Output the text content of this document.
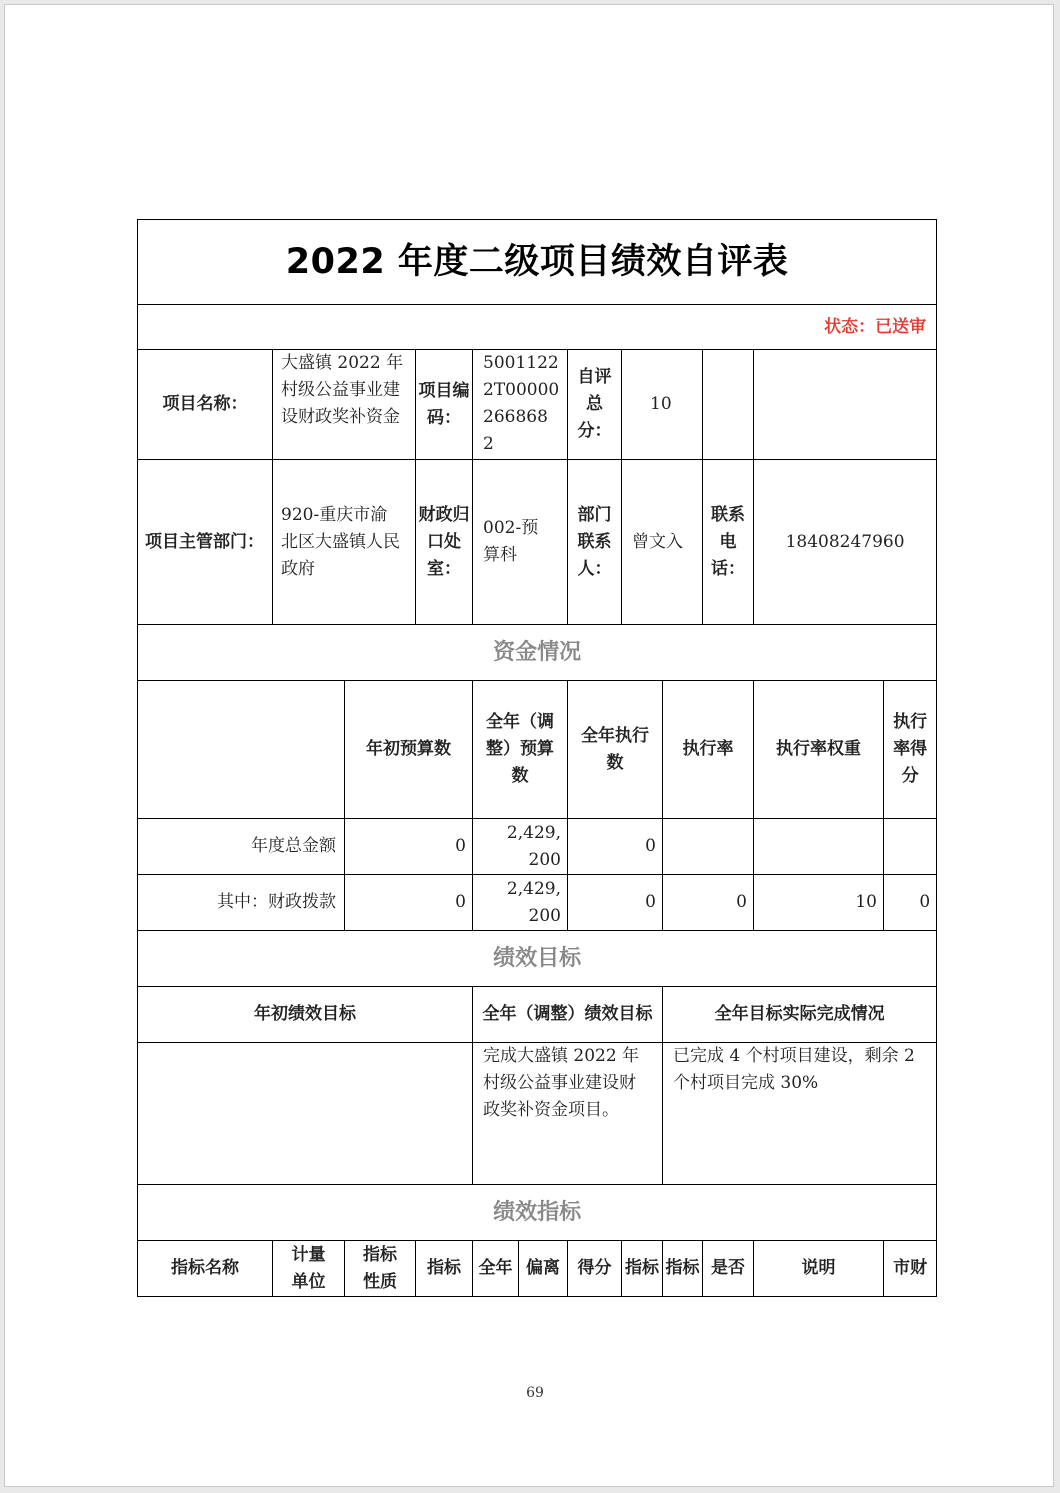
2022 年度二级项目绩效自评表											
状态：已送审											
项目名称：	大盛镇 2022 年村级公益事业建设财政奖补资金		项目编码：	50011222T00000266868 2		自评总分：	10				
项目主管部门：	920-重庆市渝北区大盛镇人民政府		财政归口处室：	002-预算科		部门联系人：	曾文入		联系电话：	18408247960	
资金情况											
		年初预算数		全年（调整）预算数		全年执行数		执行率		执行率权重	执行率得分
年度总金额		0		2,429,200		0					
其中：财政拨款		0		2,429,200		0		0		10	0
绩效目标											
年初绩效目标				全年（调整）绩效目标				全年目标实际完成情况			
				完成大盛镇 2022 年村级公益事业建设财政奖补资金项目。				已完成 4 个村项目建设，剩余 2 个村项目完成 30%			
绩效指标											
指标名称	计量单位	指标性质	指标	全年	偏离	得分	指标	指标	是否	说明	市财
69
